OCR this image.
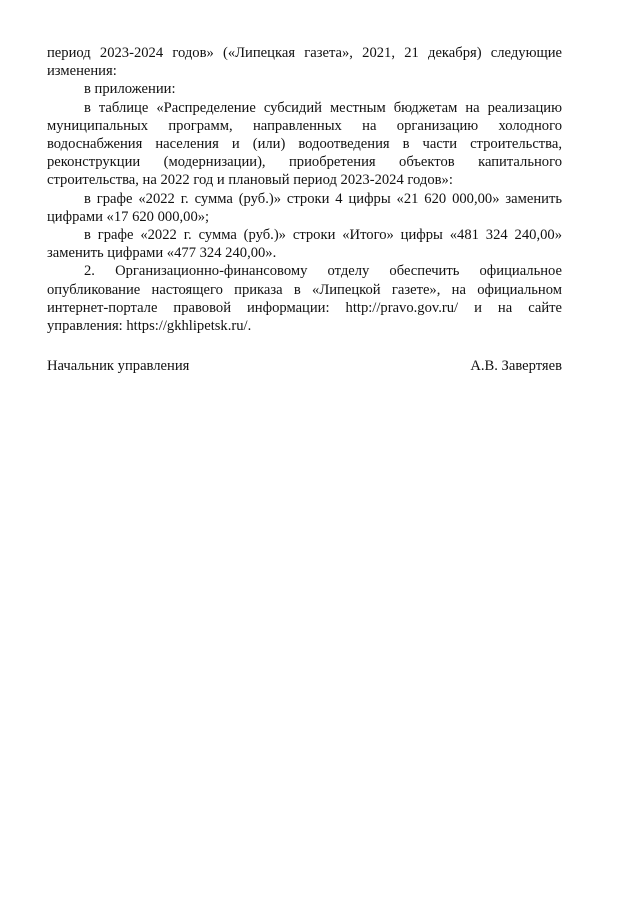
период 2023-2024 годов» («Липецкая газета», 2021, 21 декабря) следующие изменения:

в приложении:

в таблице «Распределение субсидий местным бюджетам на реализацию муниципальных программ, направленных на организацию холодного водоснабжения населения и (или) водоотведения в части строительства, реконструкции (модернизации), приобретения объектов капитального строительства, на 2022 год и плановый период 2023-2024 годов»:

в графе «2022 г. сумма (руб.)» строки 4 цифры «21 620 000,00» заменить цифрами «17 620 000,00»;

в графе «2022 г. сумма (руб.)» строки «Итого» цифры «481 324 240,00» заменить цифрами «477 324 240,00».

2. Организационно-финансовому отделу обеспечить официальное опубликование настоящего приказа в «Липецкой газете», на официальном интернет-портале правовой информации: http://pravo.gov.ru/ и на сайте управления: https://gkhlipetsk.ru/.

Начальник управления	А.В. Завертяев
